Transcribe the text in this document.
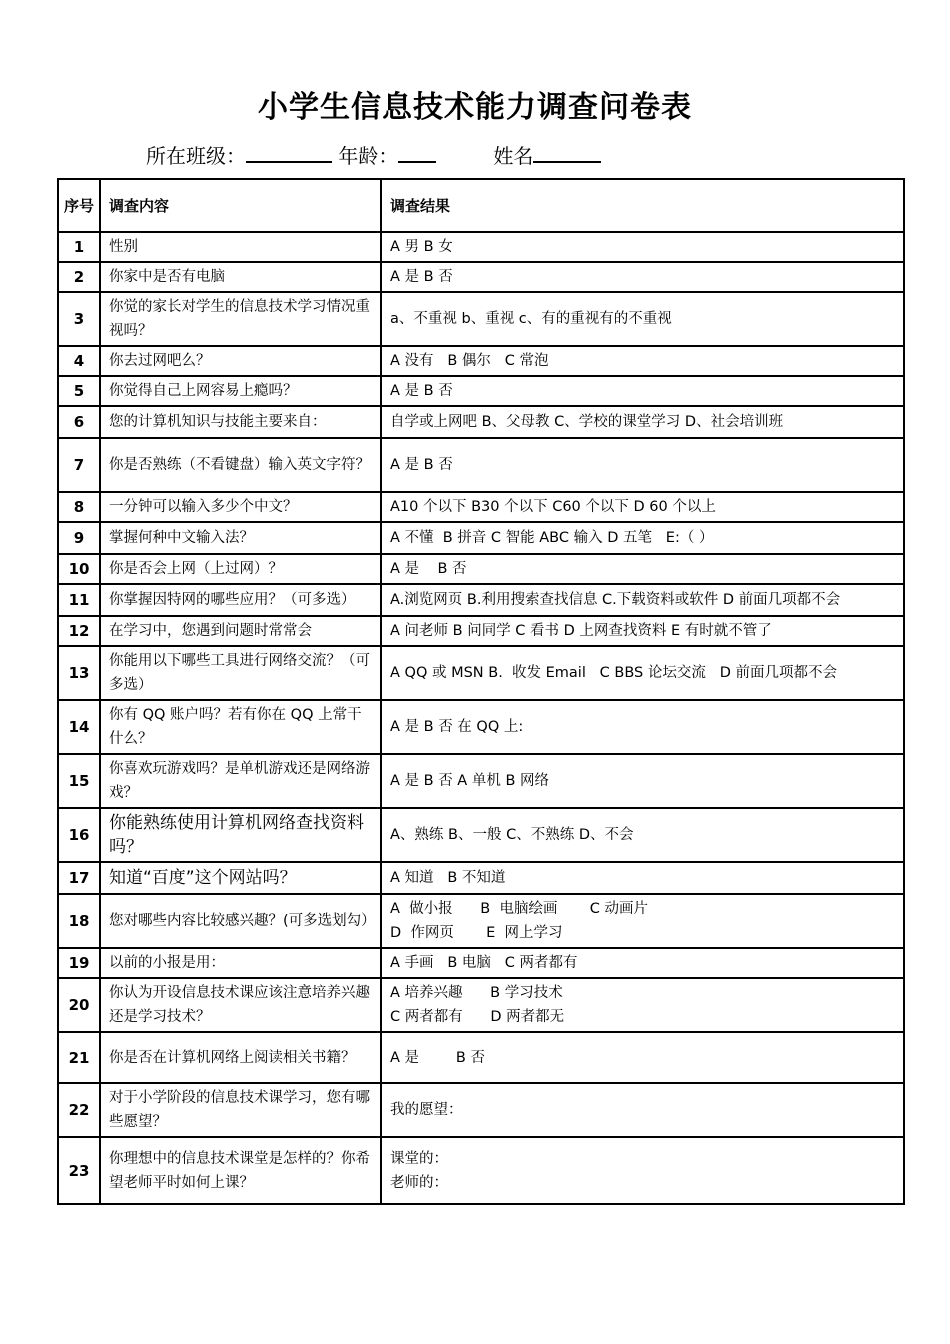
小学生信息技术能力调查问卷表
所在班级：	年龄：	姓名
序号	调查内容	调查结果
1	性别	A 男 B 女
2	你家中是否有电脑	A 是 B 否
3	你觉的家长对学生的信息技术学习情况重视吗？	a、不重视 b、重视 c、有的重视有的不重视
4	你去过网吧么？	A 没有   B 偶尔   C 常泡
5	你觉得自己上网容易上瘾吗？	A 是 B 否
6	您的计算机知识与技能主要来自：	自学或上网吧 B、父母教 C、学校的课堂学习 D、社会培训班
7	你是否熟练（不看键盘）输入英文字符？	A 是 B 否
8	一分钟可以输入多少个中文？	A10 个以下 B30 个以下 C60 个以下 D 60 个以上
9	掌握何种中文输入法？	A 不懂  B 拼音 C 智能 ABC 输入 D 五笔   E:（ ）
10	你是否会上网（上过网）？	A 是    B 否
11	你掌握因特网的哪些应用？（可多选）	A.浏览网页 B.利用搜索查找信息 C.下载资料或软件 D 前面几项都不会
12	在学习中，您遇到问题时常常会	A 问老师 B 问同学 C 看书 D 上网查找资料 E 有时就不管了
13	你能用以下哪些工具进行网络交流？（可多选）	A QQ 或 MSN B.  收发 Email   C BBS 论坛交流   D 前面几项都不会
14	你有 QQ 账户吗？若有你在 QQ 上常干什么？	A 是 B 否 在 QQ 上:
15	你喜欢玩游戏吗？是单机游戏还是网络游戏？	A 是 B 否 A 单机 B 网络
16	你能熟练使用计算机网络查找资料吗？	A、熟练 B、一般 C、不熟练 D、不会
17	知道“百度”这个网站吗？	A 知道   B 不知道
18	您对哪些内容比较感兴趣？(可多选划勾）	A  做小报      B  电脑绘画       C 动画片
D  作网页       E  网上学习

19	以前的小报是用：	A 手画   B 电脑   C 两者都有
20	你认为开设信息技术课应该注意培养兴趣还是学习技术？	A 培养兴趣      B 学习技术
C 两者都有      D 两者都无

21	你是否在计算机网络上阅读相关书籍？	A 是        B 否
22	对于小学阶段的信息技术课学习，您有哪些愿望？	我的愿望：
23	你理想中的信息技术课堂是怎样的？你希望老师平时如何上课？	课堂的：
老师的：
